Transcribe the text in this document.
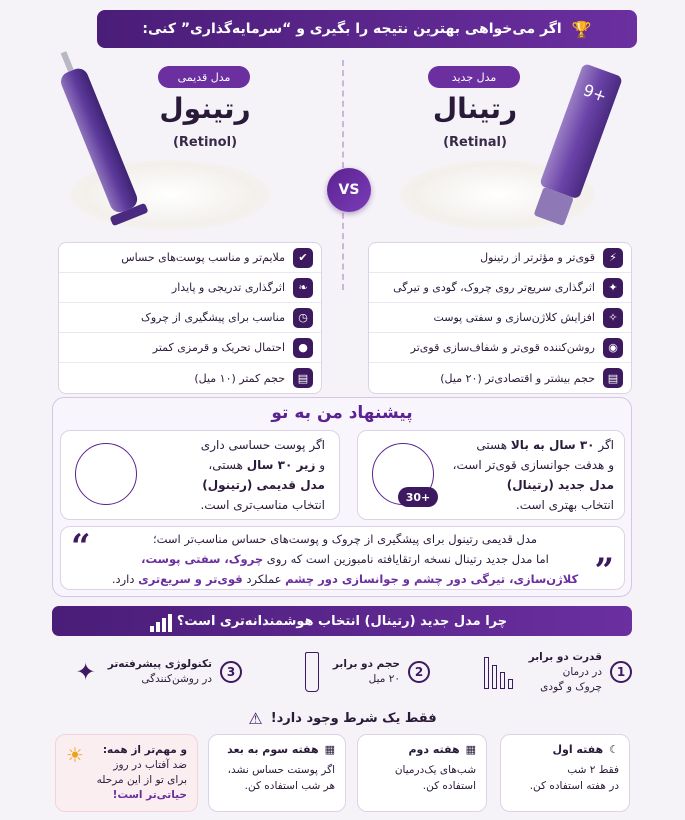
🏆
اگر می‌خواهی بهترین نتیجه را بگیری و “سرمایه‌گذاری” کنی:
مدل جدید
رتینال
(Retinal)
9+
مدل قدیمی
رتینول
(Retinol)
VS
⚡
قوی‌تر و مؤثرتر از رتینول
✦
اثرگذاری سریع‌تر روی چروک، گودی و تیرگی
✧
افزایش کلاژن‌سازی و سفتی پوست
◉
روشن‌کننده قوی‌تر و شفاف‌سازی قوی‌تر
▤
حجم بیشتر و اقتصادی‌تر (۲۰ میل)
✔
ملایم‌تر و مناسب پوست‌های حساس
❧
اثرگذاری تدریجی و پایدار
◷
مناسب برای پیشگیری از چروک
●
احتمال تحریک و قرمزی کمتر
▤
حجم کمتر (۱۰ میل)
پیشنهاد من به تو
30+

اگر ۳۰ سال به بالا هستی

و هدفت جوانسازی قوی‌تر است،

مدل جدید (رتینال)

انتخاب بهتری است.

اگر پوست حساسی داری

و زیر ۳۰ سال هستی،

مدل قدیمی (رتینول)

انتخاب مناسب‌تری است.

“
”

مدل قدیمی رتینول برای پیشگیری از چروک و پوست‌های حساس مناسب‌تر است؛

اما مدل جدید رتینال نسخه ارتقایافته نامبوزین است که روی چروک، سفتی پوست،

کلاژن‌سازی، تیرگی دور چشم و جوانسازی دور چشم عملکرد قوی‌تر و سریع‌تری دارد.

چرا مدل جدید (رتینال) انتخاب هوشمندانه‌تری است؟
1
قدرت دو برابر
در درمان
چروک و گودی
2
حجم دو برابر
۲۰ میل
3
تکنولوژی پیشرفته‌تر
در روشن‌کنندگی
✦
فقط یک شرط وجود دارد!
⚠
☾
هفته اول
فقط ۲ شب
در هفته استفاده کن.
▦
هفته دوم
شب‌های یک‌درمیان
استفاده کن.
▦
هفته سوم به بعد
اگر پوستت حساس نشد،
هر شب استفاده کن.
☀	و مهم‌تر از همه:
ضد آفتاب در روز
برای تو از این مرحله
حیاتی‌تر است!
